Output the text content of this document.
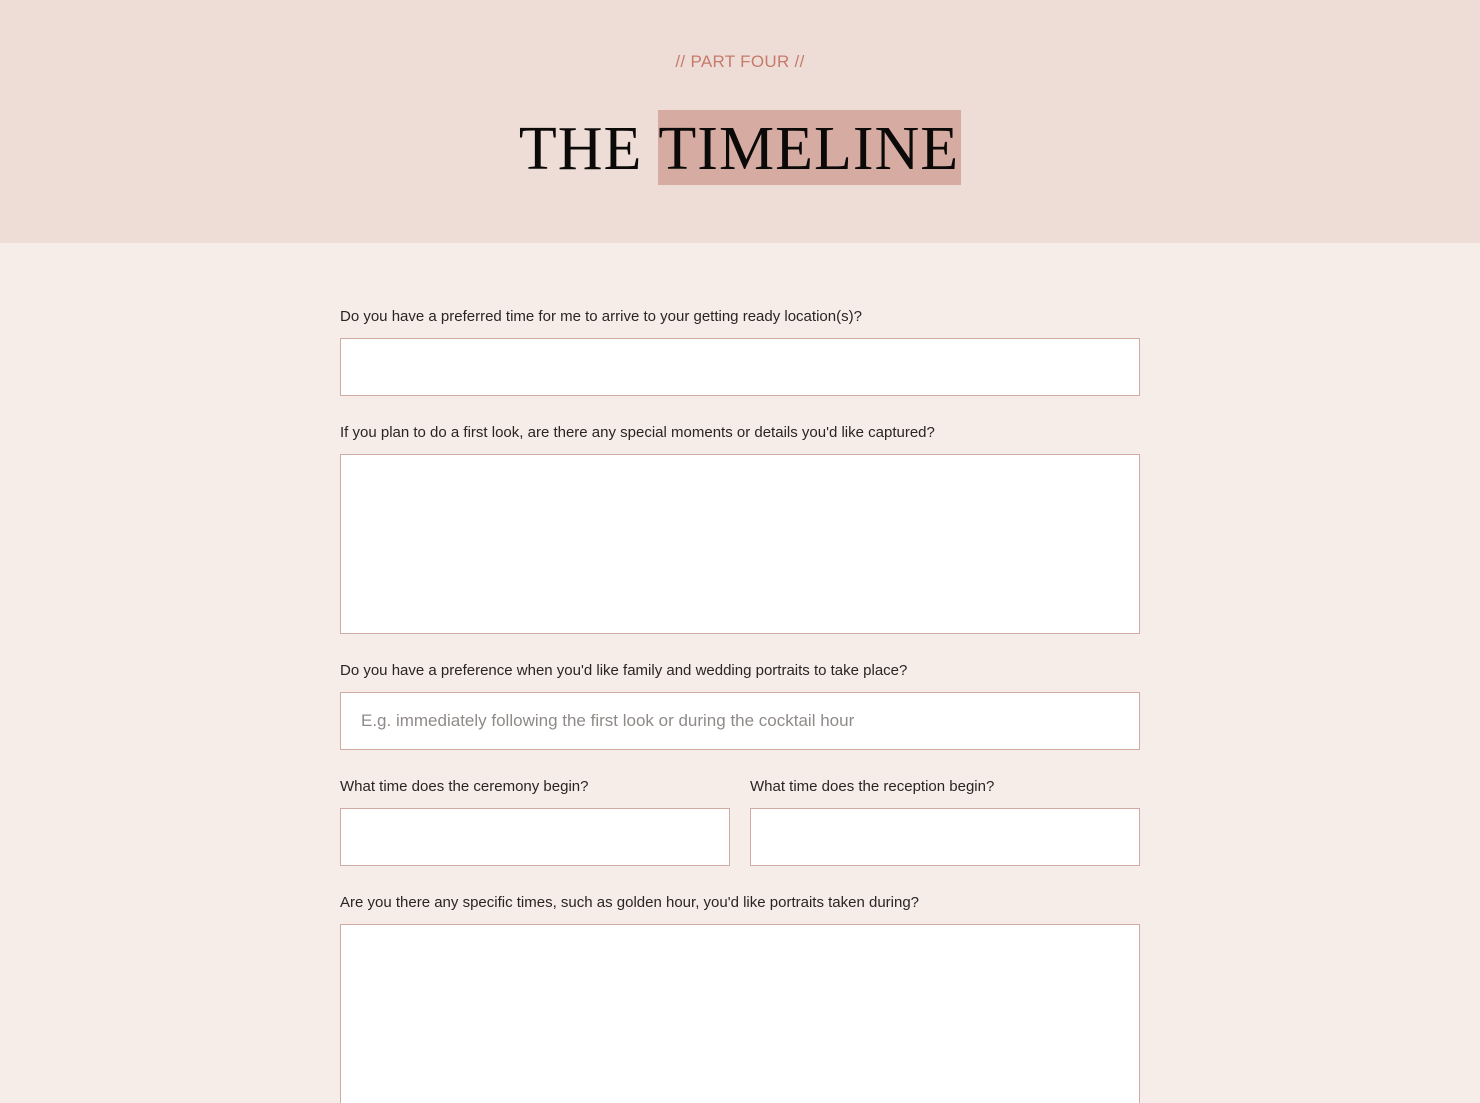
// PART FOUR //
THE TIMELINE
Do you have a preferred time for me to arrive to your getting ready location(s)?
If you plan to do a first look, are there any special moments or details you'd like captured?
Do you have a preference when you'd like family and wedding portraits to take place?
E.g. immediately following the first look or during the cocktail hour
What time does the ceremony begin?	What time does the reception begin?
Are you there any specific times, such as golden hour, you'd like portraits taken during?
